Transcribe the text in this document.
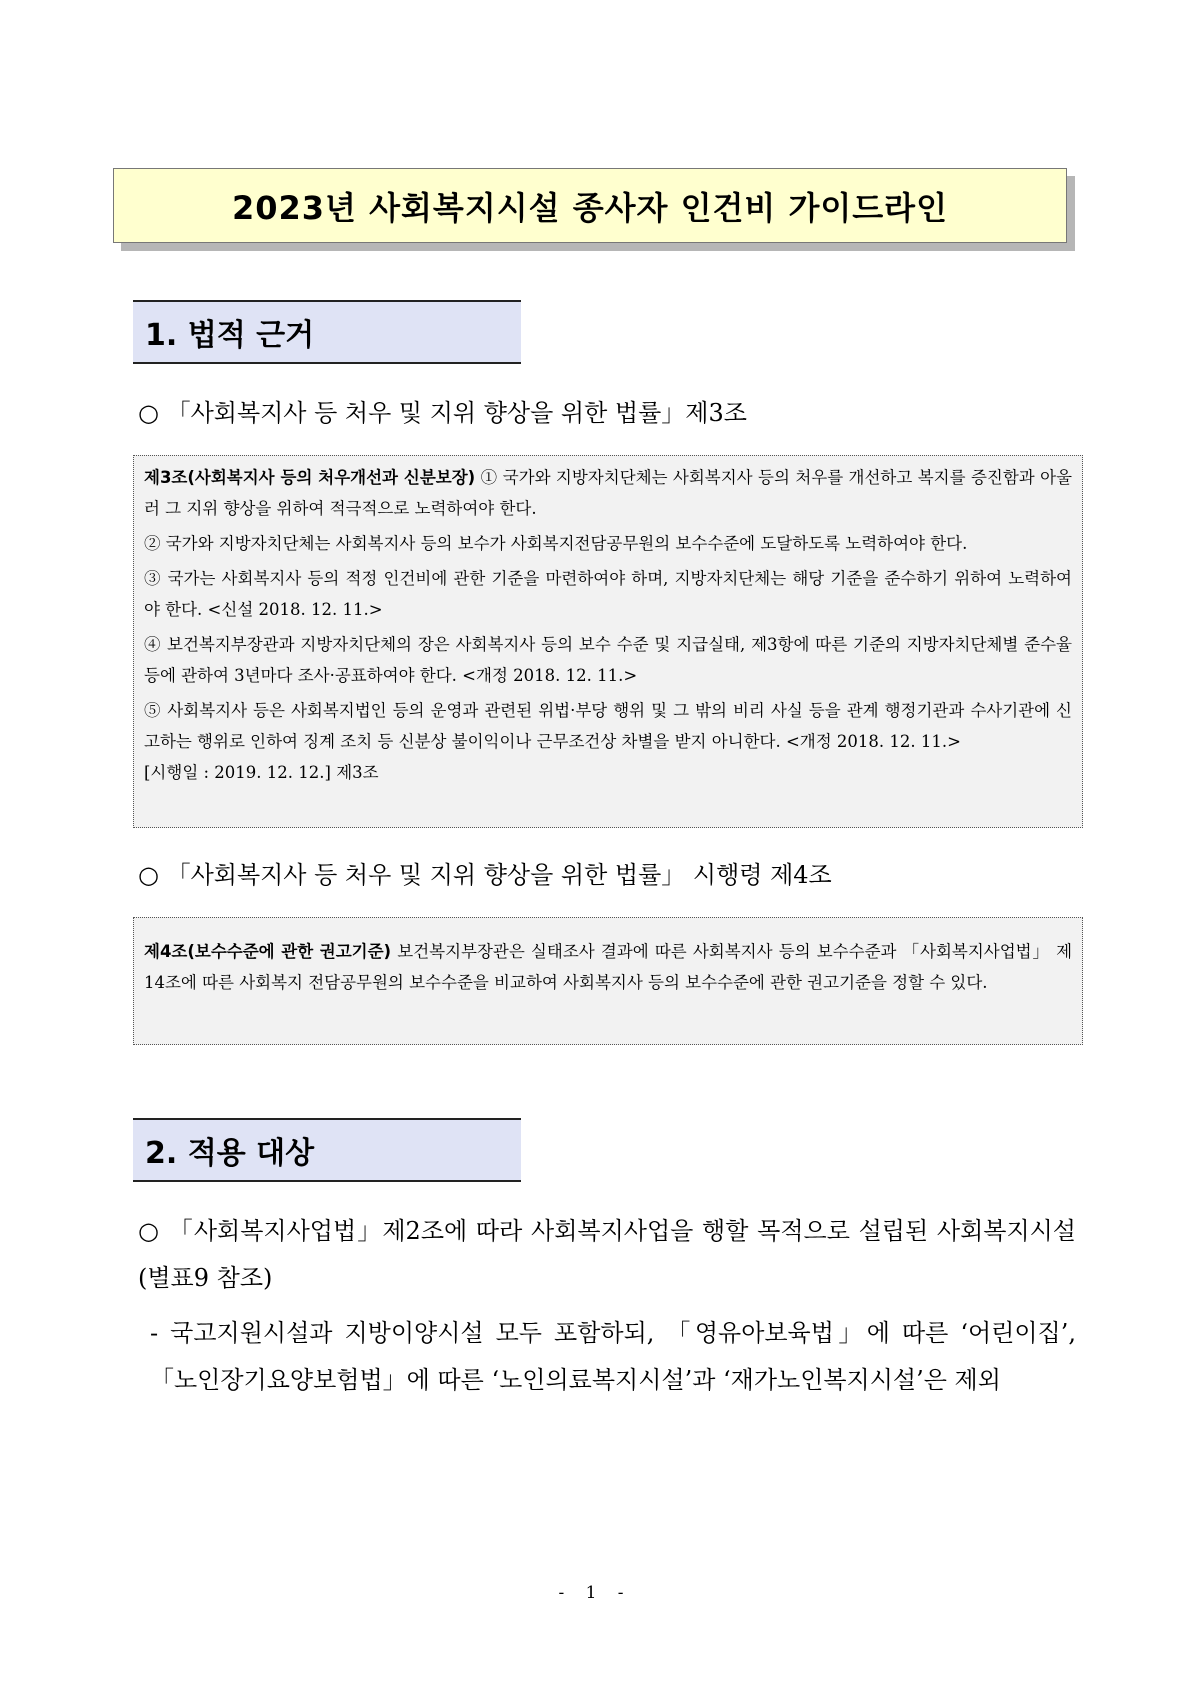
2023년 사회복지시설 종사자 인건비 가이드라인
1. 법적 근거
○ 「사회복지사 등 처우 및 지위 향상을 위한 법률」제3조

제3조(사회복지사 등의 처우개선과 신분보장) ① 국가와 지방자치단체는 사회복지사 등의 처우를 개선하고 복지를 증진함과 아울러 그 지위 향상을 위하여 적극적으로 노력하여야 한다.

② 국가와 지방자치단체는 사회복지사 등의 보수가 사회복지전담공무원의 보수수준에 도달하도록 노력하여야 한다.

③ 국가는 사회복지사 등의 적정 인건비에 관한 기준을 마련하여야 하며, 지방자치단체는 해당 기준을 준수하기 위하여 노력하여야 한다. <신설 2018. 12. 11.>

④ 보건복지부장관과 지방자치단체의 장은 사회복지사 등의 보수 수준 및 지급실태, 제3항에 따른 기준의 지방자치단체별 준수율 등에 관하여 3년마다 조사·공표하여야 한다. <개정 2018. 12. 11.>

⑤ 사회복지사 등은 사회복지법인 등의 운영과 관련된 위법·부당 행위 및 그 밖의 비리 사실 등을 관계 행정기관과 수사기관에 신고하는 행위로 인하여 징계 조치 등 신분상 불이익이나 근무조건상 차별을 받지 아니한다. <개정 2018. 12. 11.>

[시행일 : 2019. 12. 12.] 제3조

○ 「사회복지사 등 처우 및 지위 향상을 위한 법률」 시행령 제4조

제4조(보수수준에 관한 권고기준) 보건복지부장관은 실태조사 결과에 따른 사회복지사 등의 보수수준과 「사회복지사업법」 제14조에 따른 사회복지 전담공무원의 보수수준을 비교하여 사회복지사 등의 보수수준에 관한 권고기준을 정할 수 있다.

2. 적용 대상
○ 「사회복지사업법」제2조에 따라 사회복지사업을 행할 목적으로 설립된 사회복지시설 (별표9 참조)
- 국고지원시설과 지방이양시설 모두 포함하되, 「영유아보육법」에 따른 ‘어린이집’, 「노인장기요양보험법」에 따른 ‘노인의료복지시설’과 ‘재가노인복지시설’은 제외
- 1 -
